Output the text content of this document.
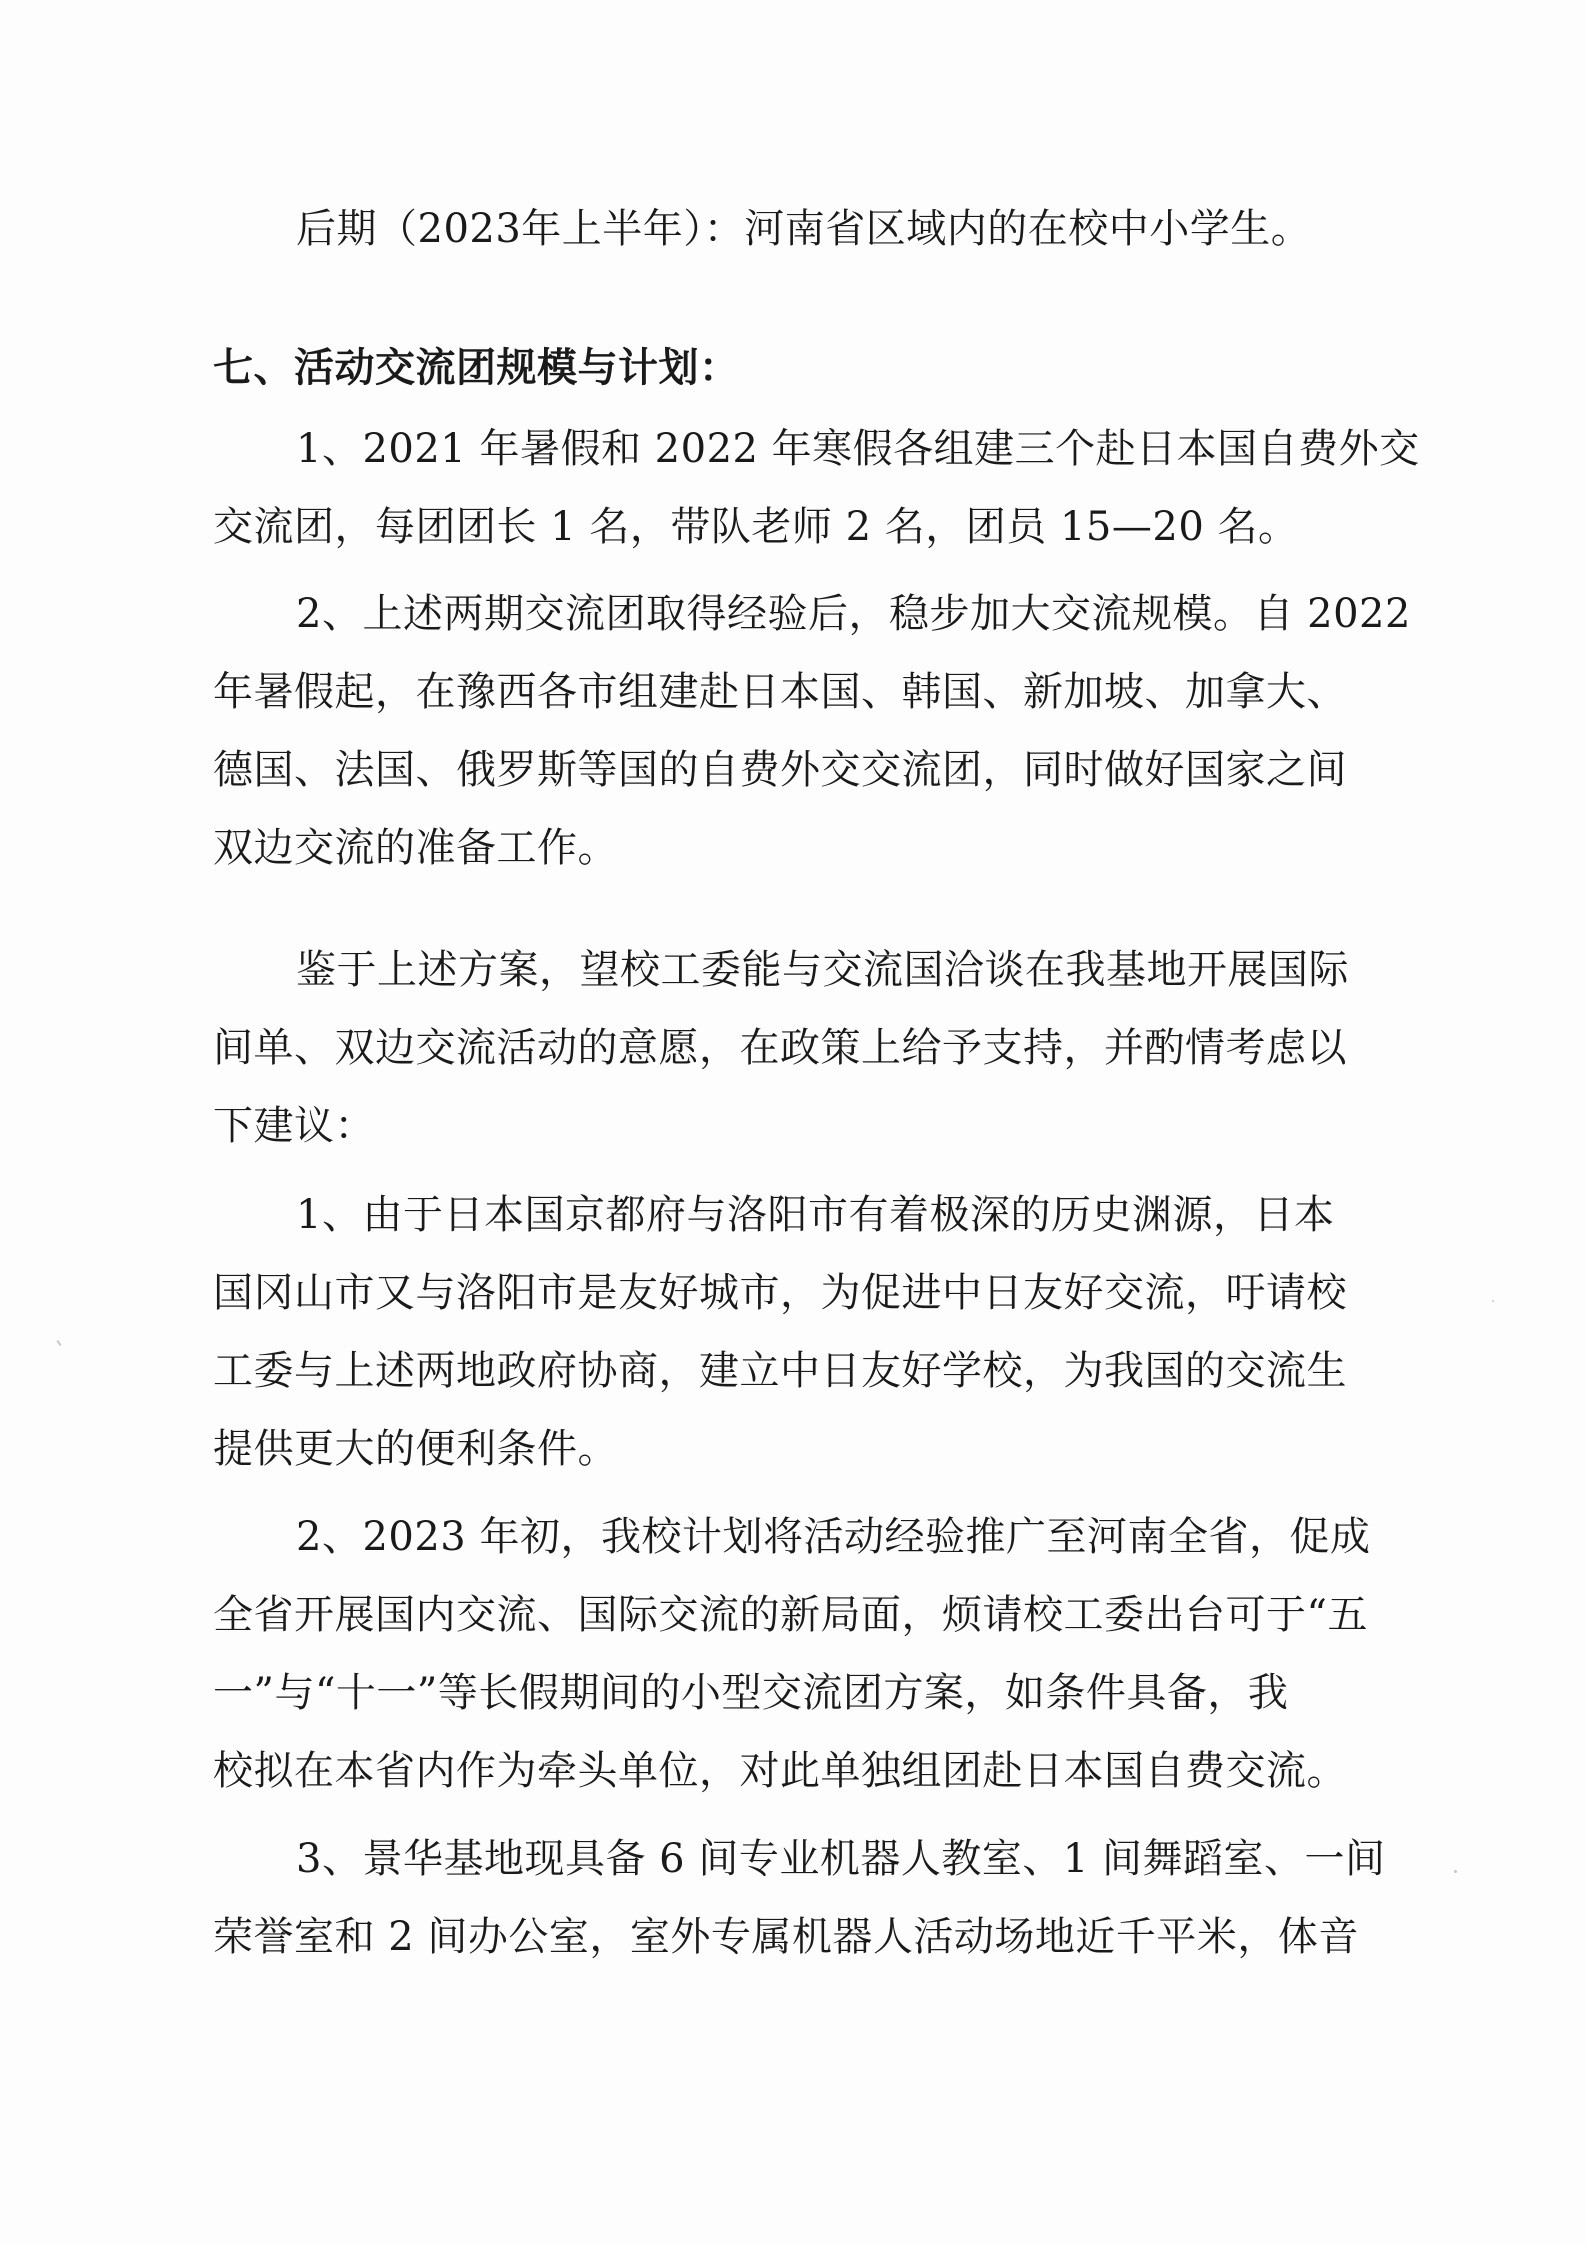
后期（2023年上半年）：河南省区域内的在校中小学生。
七、活动交流团规模与计划：
1、2021 年暑假和 2022 年寒假各组建三个赴日本国自费外交
交流团，每团团长 1 名，带队老师 2 名，团员 15—20 名。
2、上述两期交流团取得经验后，稳步加大交流规模。自 2022
年暑假起，在豫西各市组建赴日本国、韩国、新加坡、加拿大、
德国、法国、俄罗斯等国的自费外交交流团，同时做好国家之间
双边交流的准备工作。
鉴于上述方案，望校工委能与交流国洽谈在我基地开展国际
间单、双边交流活动的意愿，在政策上给予支持，并酌情考虑以
下建议：
1、由于日本国京都府与洛阳市有着极深的历史渊源，日本
国冈山市又与洛阳市是友好城市，为促进中日友好交流，吁请校
工委与上述两地政府协商，建立中日友好学校，为我国的交流生
提供更大的便利条件。
2、2023 年初，我校计划将活动经验推广至河南全省，促成
全省开展国内交流、国际交流的新局面，烦请校工委出台可于“五
一”与“十一”等长假期间的小型交流团方案，如条件具备，我
校拟在本省内作为牵头单位，对此单独组团赴日本国自费交流。
3、景华基地现具备 6 间专业机器人教室、1 间舞蹈室、一间
荣誉室和 2 间办公室，室外专属机器人活动场地近千平米，体音
